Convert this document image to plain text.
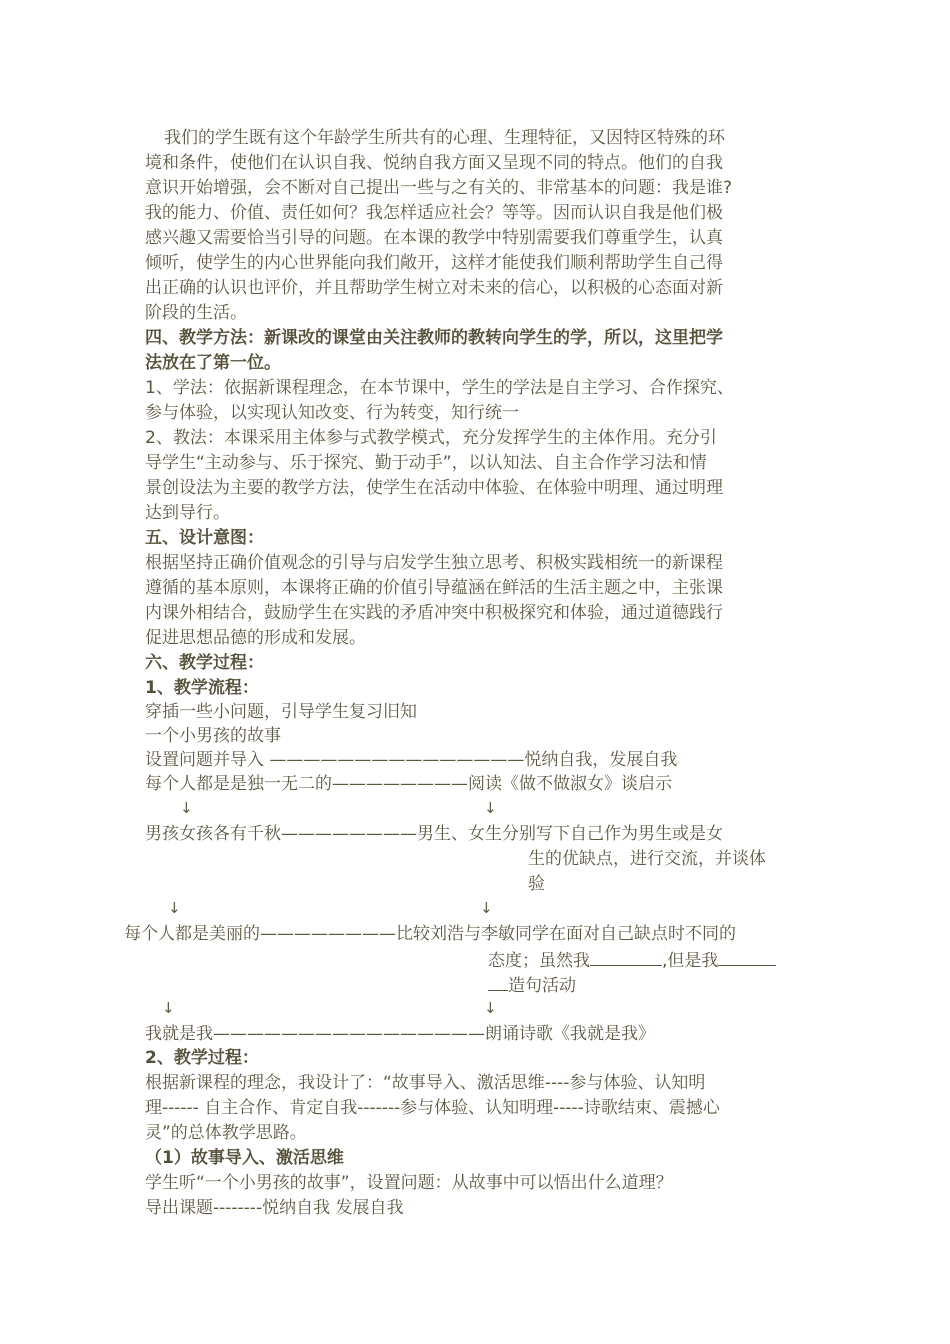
我们的学生既有这个年龄学生所共有的心理、生理特征，又因特区特殊的环

境和条件，使他们在认识自我、悦纳自我方面又呈现不同的特点。他们的自我

意识开始增强，会不断对自己提出一些与之有关的、非常基本的问题：我是谁?

我的能力、价值、责任如何？我怎样适应社会？等等。因而认识自我是他们极

感兴趣又需要恰当引导的问题。在本课的教学中特别需要我们尊重学生，认真

倾听，使学生的内心世界能向我们敞开，这样才能使我们顺利帮助学生自己得

出正确的认识也评价，并且帮助学生树立对未来的信心，以积极的心态面对新

阶段的生活。

四、教学方法：新课改的课堂由关注教师的教转向学生的学，所以，这里把学

法放在了第一位。

1、学法：依据新课程理念，在本节课中，学生的学法是自主学习、合作探究、

参与体验，以实现认知改变、行为转变，知行统一

2、教法：本课采用主体参与式教学模式，充分发挥学生的主体作用。充分引

导学生“主动参与、乐于探究、勤于动手”，以认知法、自主合作学习法和情

景创设法为主要的教学方法，使学生在活动中体验、在体验中明理、通过明理

达到导行。

五、设计意图：

根据坚持正确价值观念的引导与启发学生独立思考、积极实践相统一的新课程

遵循的基本原则，本课将正确的价值引导蕴涵在鲜活的生活主题之中，主张课

内课外相结合，鼓励学生在实践的矛盾冲突中积极探究和体验，通过道德践行

促进思想品德的形成和发展。

六、教学过程：

1、教学流程：

穿插一些小问题，引导学生复习旧知

一个小男孩的故事

设置问题并导入 ———————————————悦纳自我，发展自我

每个人都是是独一无二的————————阅读《做不做淑女》谈启示

↓	↓

男孩女孩各有千秋————————男生、女生分别写下自己作为男生或是女

生的优缺点，进行交流，并谈体

验

↓	↓

每个人都是美丽的————————比较刘浩与李敏同学在面对自己缺点时不同的

态度；虽然我	,但是我

造句活动

↓	↓

我就是我————————————————朗诵诗歌《我就是我》

2、教学过程：

根据新课程的理念，我设计了：“故事导入、激活思维----参与体验、认知明

理------ 自主合作、肯定自我-------参与体验、认知明理-----诗歌结束、震撼心

灵”的总体教学思路。

（1）故事导入、激活思维

学生听“一个小男孩的故事”，设置问题：从故事中可以悟出什么道理？

导出课题--------悦纳自我 发展自我
